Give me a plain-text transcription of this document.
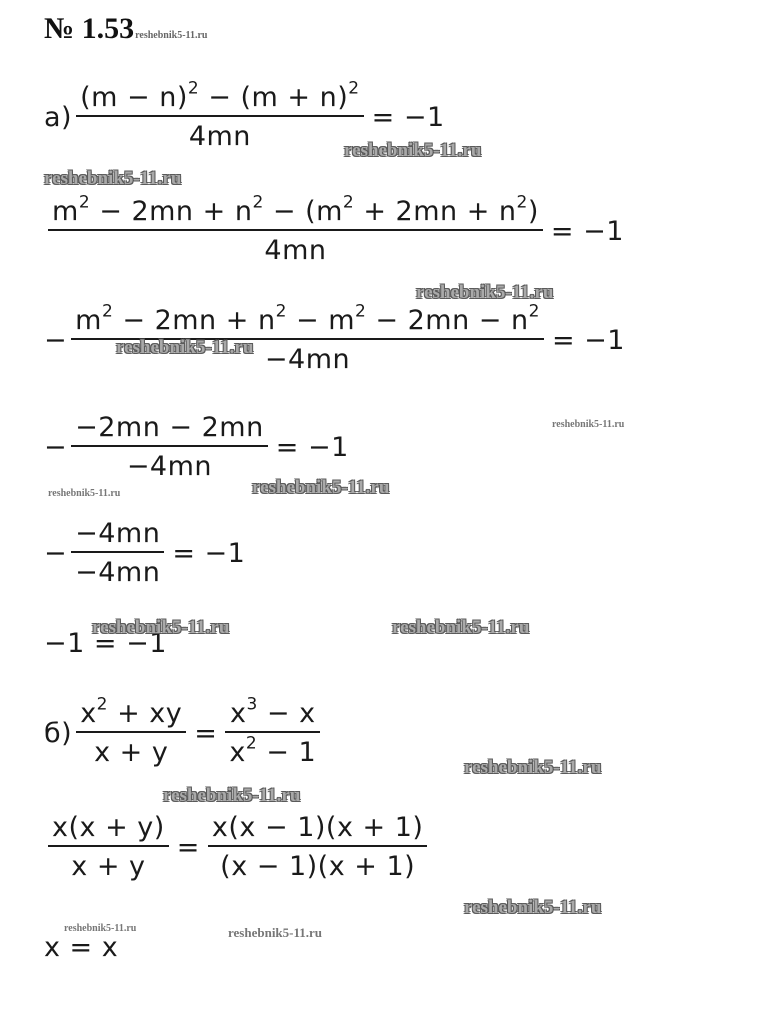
№ 1.53reshebnik5-11.ru
$а) \frac{(m - n)^2 - (m + n)^2}{4mn} = -1$
$\frac{m^2 - 2mn + n^2 - (m^2 + 2mn + n^2)}{4mn} = -1$
− $\frac{m^2 - 2mn + n^2 - m^2 - 2mn - n^2}{-4mn} = -1$
− $\frac{-2mn - 2mn}{-4mn} = -1$
− $\frac{-4mn}{-4mn} = -1$
−1 = −1
$б) \frac{x^2 + xy}{x + y} = \frac{x^3 - x}{x^2 - 1}$
$\frac{x(x + y)}{x + y} = \frac{x(x - 1)(x + 1)}{(x - 1)(x + 1)}$
x = x
reshebnik5-11.ru
reshebnik5-11.ru
reshebnik5-11.ru
reshebnik5-11.ru
reshebnik5-11.ru
reshebnik5-11.ru	reshebnik5-11.ru
reshebnik5-11.ru	reshebnik5-11.ru
reshebnik5-11.ru
reshebnik5-11.ru
reshebnik5-11.ru
reshebnik5-11.ru	reshebnik5-11.ru
